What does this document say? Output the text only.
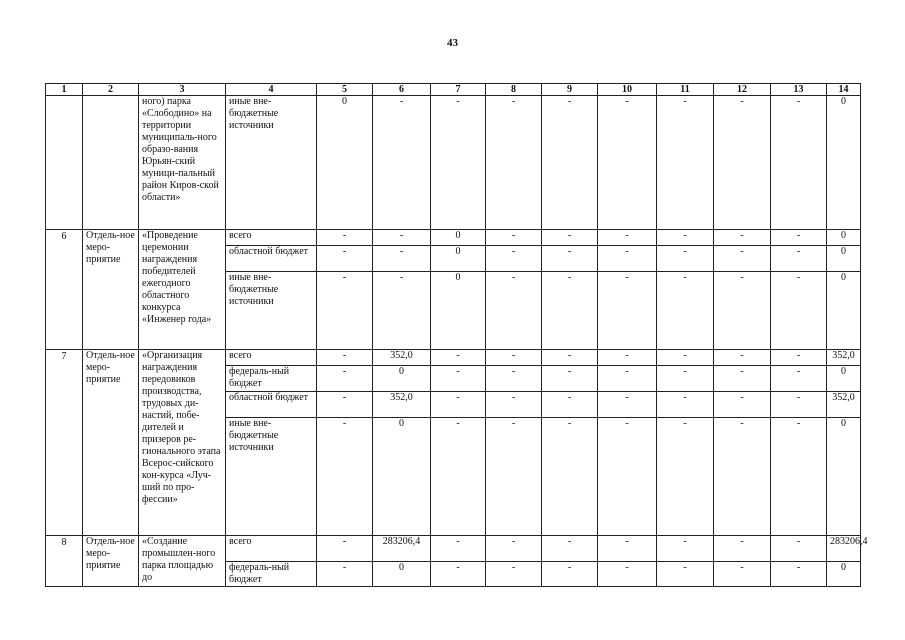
43
1	2	3	4	5	6	7	8	9	10	11	12	13	14
		ного) парка «Слободино» на территории муниципаль-ного образо-вания Юрьян-ский муници-пальный район Киров-ской области»	иные вне-бюджетные источники	0	-	-	-	-	-	-	-	-	0
6	Отдель-ное меро-приятие	«Проведение церемонии награждения победителей ежегодного областного конкурса «Инженер года»	всего	-	-	0	-	-	-	-	-	-	0
			областной бюджет	-	-	0	-	-	-	-	-	-	0
			иные вне-бюджетные источники	-	-	0	-	-	-	-	-	-	0
7	Отдель-ное меро-приятие	«Организация награждения передовиков производства, трудовых ди-настий, побе-дителей и призеров ре-гионального этапа Всерос-сийского кон-курса «Луч-ший по про-фессии»	всего	-	352,0	-	-	-	-	-	-	-	352,0
			федераль-ный бюджет	-	0	-	-	-	-	-	-	-	0
			областной бюджет	-	352,0	-	-	-	-	-	-	-	352,0
			иные вне-бюджетные источники	-	0	-	-	-	-	-	-	-	0
8	Отдель-ное меро-приятие	«Создание промышлен-ного парка площадью до	всего	-	283206,4	-	-	-	-	-	-	-	283206,4
			федераль-ный бюджет	-	0	-	-	-	-	-	-	-	0
